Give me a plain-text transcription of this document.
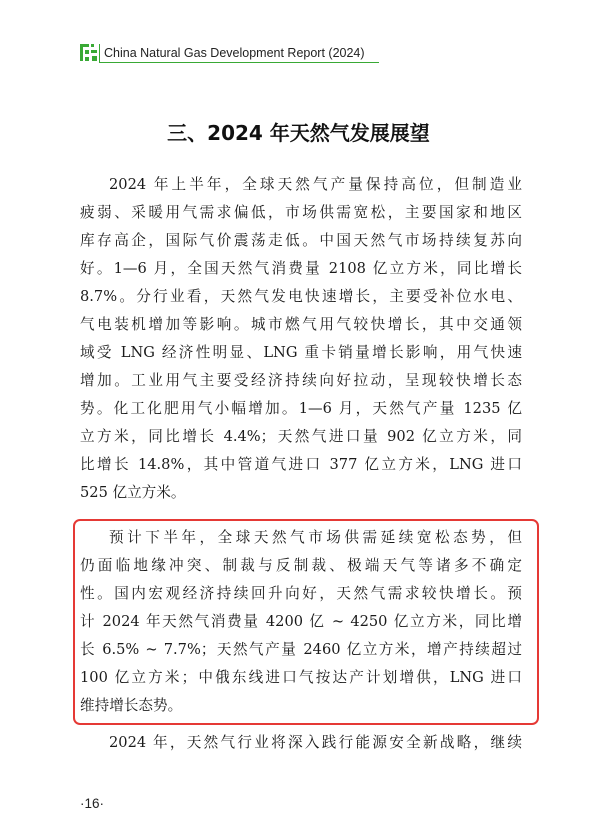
China Natural Gas Development Report (2024)
三、2024 年天然气发展展望
2024 年上半年，全球天然气产量保持高位，但制造业
疲弱、采暖用气需求偏低，市场供需宽松，主要国家和地区
库存高企，国际气价震荡走低。中国天然气市场持续复苏向
好。1—6 月，全国天然气消费量 2108 亿立方米，同比增长
8.7%。分行业看，天然气发电快速增长，主要受补位水电、
气电装机增加等影响。城市燃气用气较快增长，其中交通领
域受 LNG 经济性明显、LNG 重卡销量增长影响，用气快速
增加。工业用气主要受经济持续向好拉动，呈现较快增长态
势。化工化肥用气小幅增加。1—6 月，天然气产量 1235 亿
立方米，同比增长 4.4%；天然气进口量 902 亿立方米，同
比增长 14.8%，其中管道气进口 377 亿立方米，LNG 进口
525 亿立方米。
预计下半年，全球天然气市场供需延续宽松态势，但
仍面临地缘冲突、制裁与反制裁、极端天气等诸多不确定
性。国内宏观经济持续回升向好，天然气需求较快增长。预
计 2024 年天然气消费量 4200 亿 ~ 4250 亿立方米，同比增
长 6.5% ~ 7.7%；天然气产量 2460 亿立方米，增产持续超过
100 亿立方米；中俄东线进口气按达产计划增供，LNG 进口
维持增长态势。
2024 年，天然气行业将深入践行能源安全新战略，继续
·16·
